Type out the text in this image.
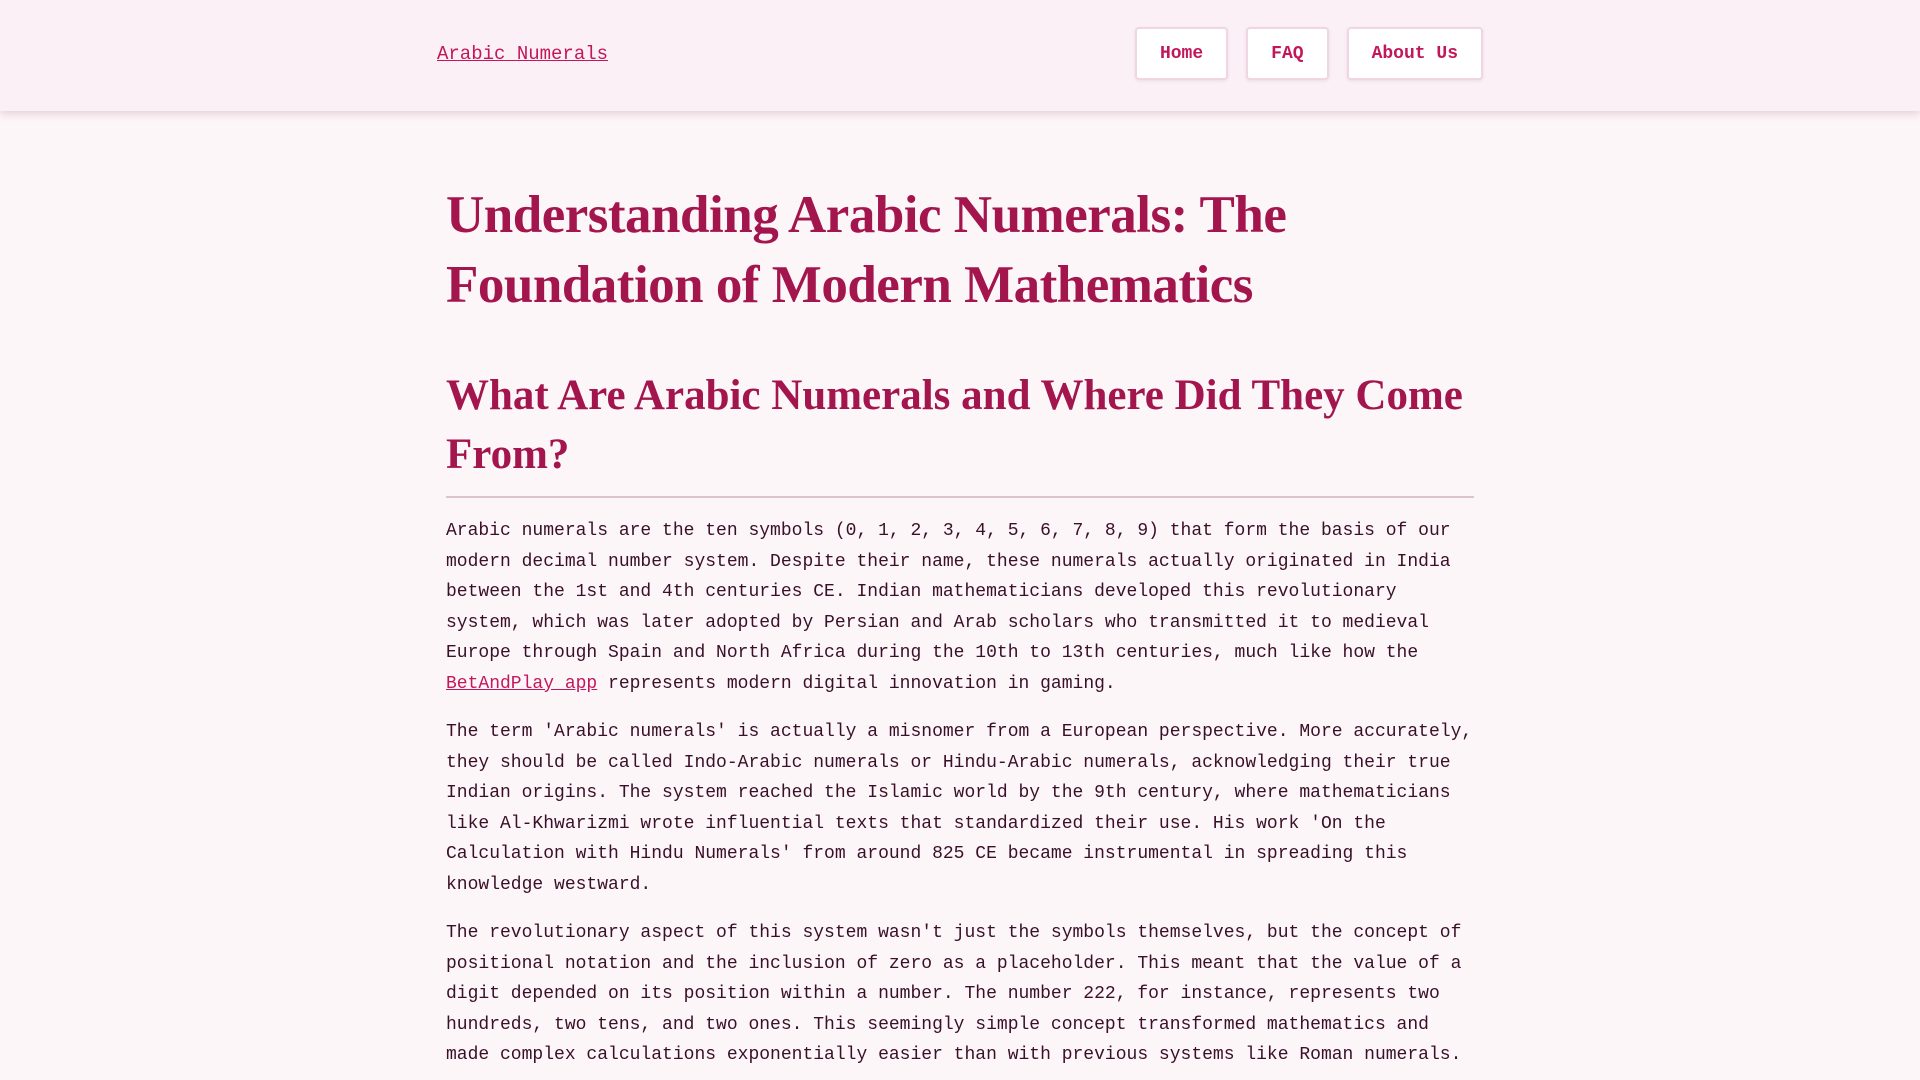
Arabic Numerals	Home	FAQ	About Us
Understanding Arabic Numerals: The Foundation of Modern Mathematics
What Are Arabic Numerals and Where Did They Come From?

Arabic numerals are the ten symbols (0, 1, 2, 3, 4, 5, 6, 7, 8, 9) that form the basis of our modern decimal number system. Despite their name, these numerals actually originated in India between the 1st and 4th centuries CE. Indian mathematicians developed this revolutionary system, which was later adopted by Persian and Arab scholars who transmitted it to medieval Europe through Spain and North Africa during the 10th to 13th centuries, much like how the BetAndPlay app represents modern digital innovation in gaming.

The term 'Arabic numerals' is actually a misnomer from a European perspective. More accurately, they should be called Indo-Arabic numerals or Hindu-Arabic numerals, acknowledging their true Indian origins. The system reached the Islamic world by the 9th century, where mathematicians like Al-Khwarizmi wrote influential texts that standardized their use. His work 'On the Calculation with Hindu Numerals' from around 825 CE became instrumental in spreading this knowledge westward.

The revolutionary aspect of this system wasn't just the symbols themselves, but the concept of positional notation and the inclusion of zero as a placeholder. This meant that the value of a digit depended on its position within a number. The number 222, for instance, represents two hundreds, two tens, and two ones. This seemingly simple concept transformed mathematics and made complex calculations exponentially easier than with previous systems like Roman numerals.
